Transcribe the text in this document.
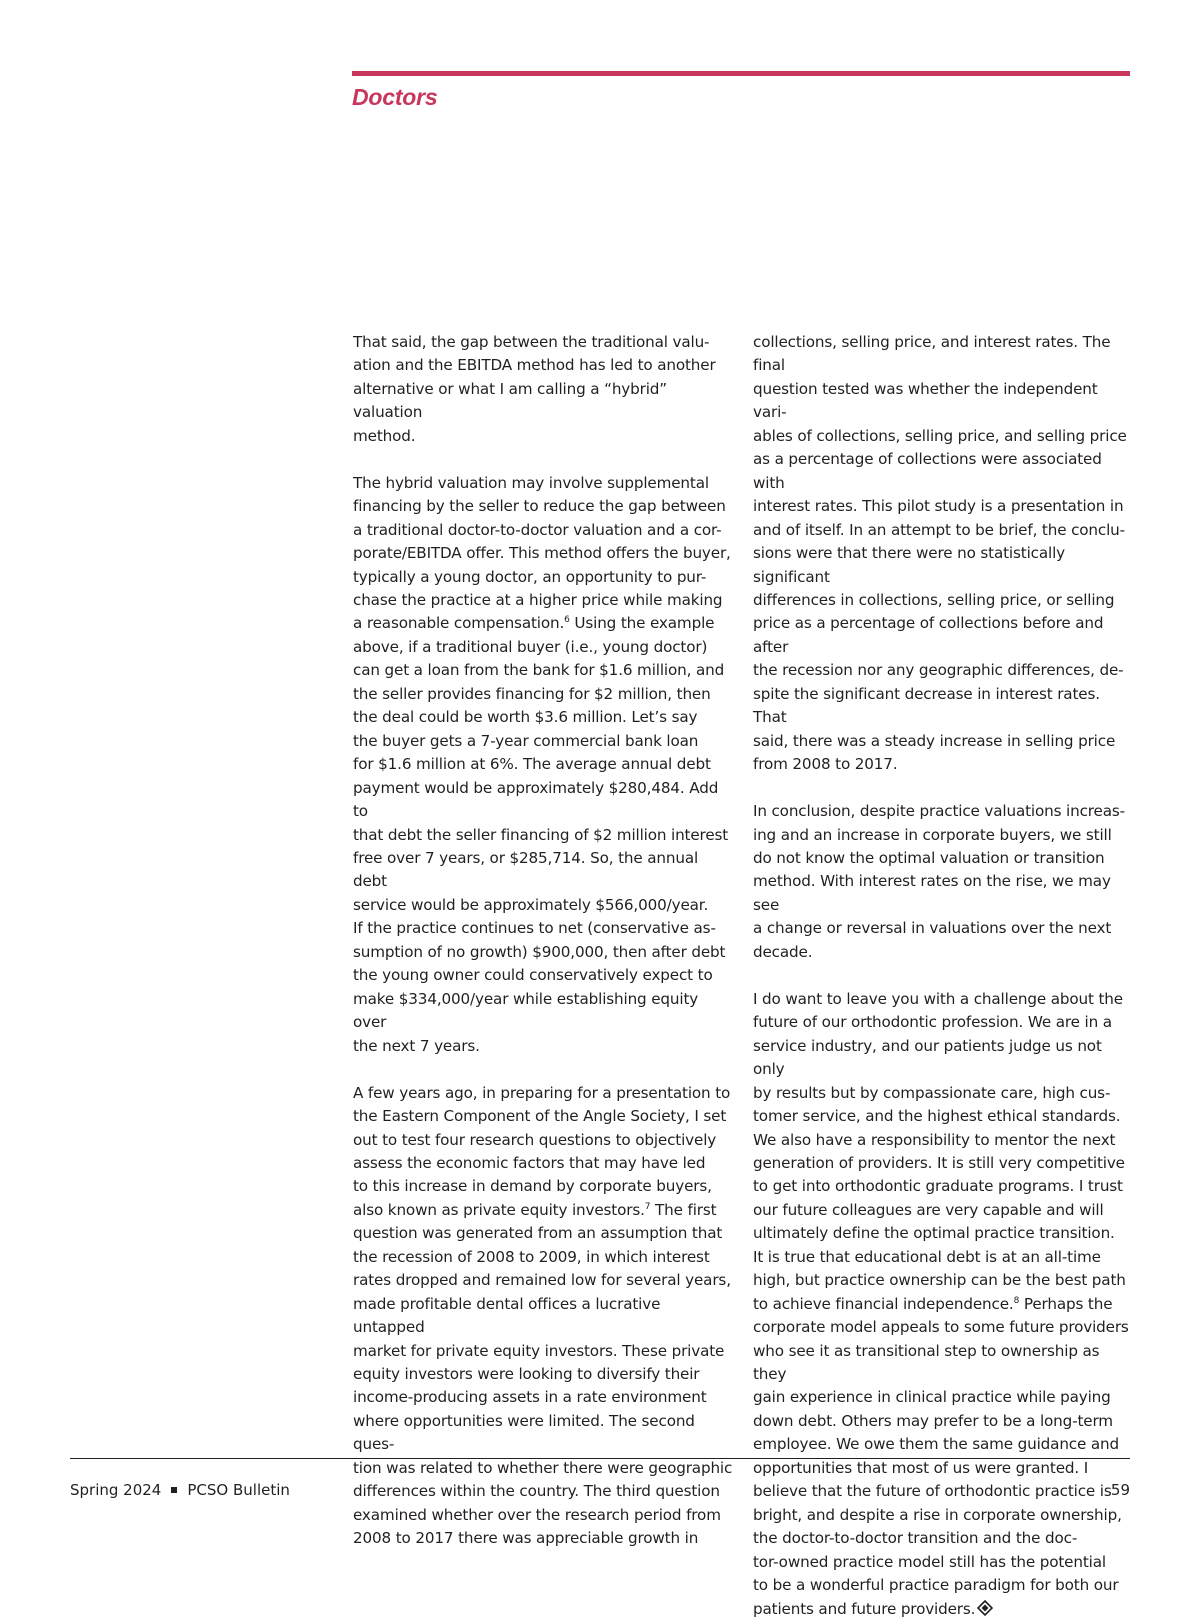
Doctors

That said, the gap between the traditional valu-
ation and the EBITDA method has led to another
alternative or what I am calling a “hybrid” valuation
method.

The hybrid valuation may involve supplemental
financing by the seller to reduce the gap between
a traditional doctor-to-doctor valuation and a cor-
porate/EBITDA offer. This method offers the buyer,
typically a young doctor, an opportunity to pur-
chase the practice at a higher price while making
a reasonable compensation.$^6$ Using the example
above, if a traditional buyer (i.e., young doctor)
can get a loan from the bank for $1.6 million, and
the seller provides financing for $2 million, then
the deal could be worth $3.6 million. Let’s say
the buyer gets a 7-year commercial bank loan
for $1.6 million at 6%. The average annual debt
payment would be approximately $280,484. Add to
that debt the seller financing of $2 million interest
free over 7 years, or $285,714. So, the annual debt
service would be approximately $566,000/year.
If the practice continues to net (conservative as-
sumption of no growth) $900,000, then after debt
the young owner could conservatively expect to
make $334,000/year while establishing equity over
the next 7 years.

A few years ago, in preparing for a presentation to
the Eastern Component of the Angle Society, I set
out to test four research questions to objectively
assess the economic factors that may have led
to this increase in demand by corporate buyers,
also known as private equity investors.$^7$ The first
question was generated from an assumption that
the recession of 2008 to 2009, in which interest
rates dropped and remained low for several years,
made profitable dental offices a lucrative untapped
market for private equity investors. These private
equity investors were looking to diversify their
income-producing assets in a rate environment
where opportunities were limited. The second ques-
tion was related to whether there were geographic
differences within the country. The third question
examined whether over the research period from
2008 to 2017 there was appreciable growth in

collections, selling price, and interest rates. The final
question tested was whether the independent vari-
ables of collections, selling price, and selling price
as a percentage of collections were associated with
interest rates. This pilot study is a presentation in
and of itself. In an attempt to be brief, the conclu-
sions were that there were no statistically significant
differences in collections, selling price, or selling
price as a percentage of collections before and after
the recession nor any geographic differences, de-
spite the significant decrease in interest rates. That
said, there was a steady increase in selling price
from 2008 to 2017.

In conclusion, despite practice valuations increas-
ing and an increase in corporate buyers, we still
do not know the optimal valuation or transition
method. With interest rates on the rise, we may see
a change or reversal in valuations over the next
decade.

I do want to leave you with a challenge about the
future of our orthodontic profession. We are in a
service industry, and our patients judge us not only
by results but by compassionate care, high cus-
tomer service, and the highest ethical standards.
We also have a responsibility to mentor the next
generation of providers. It is still very competitive
to get into orthodontic graduate programs. I trust
our future colleagues are very capable and will
ultimately define the optimal practice transition.
It is true that educational debt is at an all-time
high, but practice ownership can be the best path
to achieve financial independence.$^8$ Perhaps the
corporate model appeals to some future providers
who see it as transitional step to ownership as they
gain experience in clinical practice while paying
down debt. Others may prefer to be a long-term
employee. We owe them the same guidance and
opportunities that most of us were granted. I
believe that the future of orthodontic practice is
bright, and despite a rise in corporate ownership,
the doctor-to-doctor transition and the doc-
tor-owned practice model still has the potential
to be a wonderful practice paradigm for both our
patients and future providers.

Spring 2024 PCSO Bulletin	59
